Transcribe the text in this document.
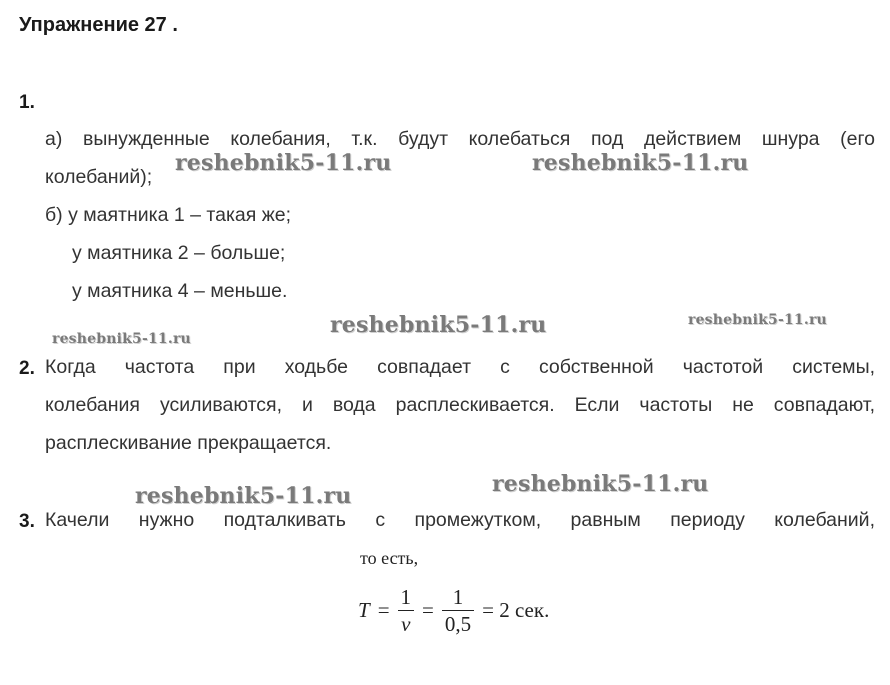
Упражнение 27 .
1.
а) вынужденные колебания, т.к. будут колебаться под действием шнура (его
колебаний);
б) у маятника 1 – такая же;
у маятника 2 – больше;
у маятника 4 – меньше.
2. Когда частота при ходьбе совпадает с собственной частотой системы,
колебания усиливаются, и вода расплескивается. Если частоты не совпадают,
расплескивание прекращается.
3. Качели нужно подталкивать с промежутком, равным периоду колебаний,
то есть,
$T = \frac{1}{\nu} = \frac{1}{0,5} = 2$ сек.
reshebnik5-11.ru	reshebnik5-11.ru
reshebnik5-11.ru
reshebnik5-11.ru	reshebnik5-11.ru
reshebnik5-11.ru	reshebnik5-11.ru
